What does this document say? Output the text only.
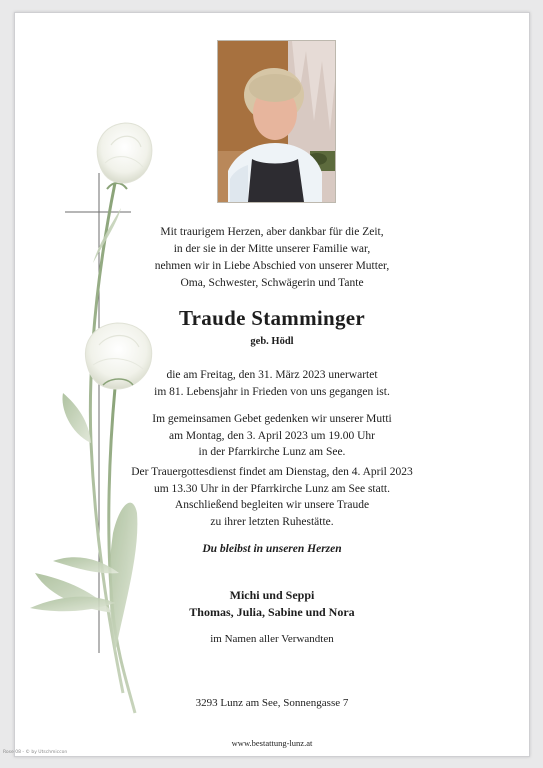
Mit traurigem Herzen, aber dankbar für die Zeit,
in der sie in der Mitte unserer Familie war,
nehmen wir in Liebe Abschied von unserer Mutter,
Oma, Schwester, Schwägerin und Tante
Traude Stamminger
geb. Hödl
die am Freitag, den 31. März 2023 unerwartet
im 81. Lebensjahr in Frieden von uns gegangen ist.
Im gemeinsamen Gebet gedenken wir unserer Mutti
am Montag, den 3. April 2023 um 19.00 Uhr
in der Pfarrkirche Lunz am See.
Der Trauergottesdienst findet am Dienstag, den 4. April 2023
um 13.30 Uhr in der Pfarrkirche Lunz am See statt.
Anschließend begleiten wir unsere Traude
zu ihrer letzten Ruhestätte.
Du bleibst in unseren Herzen
Michi und Seppi
Thomas, Julia, Sabine und Nora
im Namen aller Verwandten
3293 Lunz am See, Sonnengasse 7
www.bestattung-lunz.at
Rose 08 - © by Utschmiccon
